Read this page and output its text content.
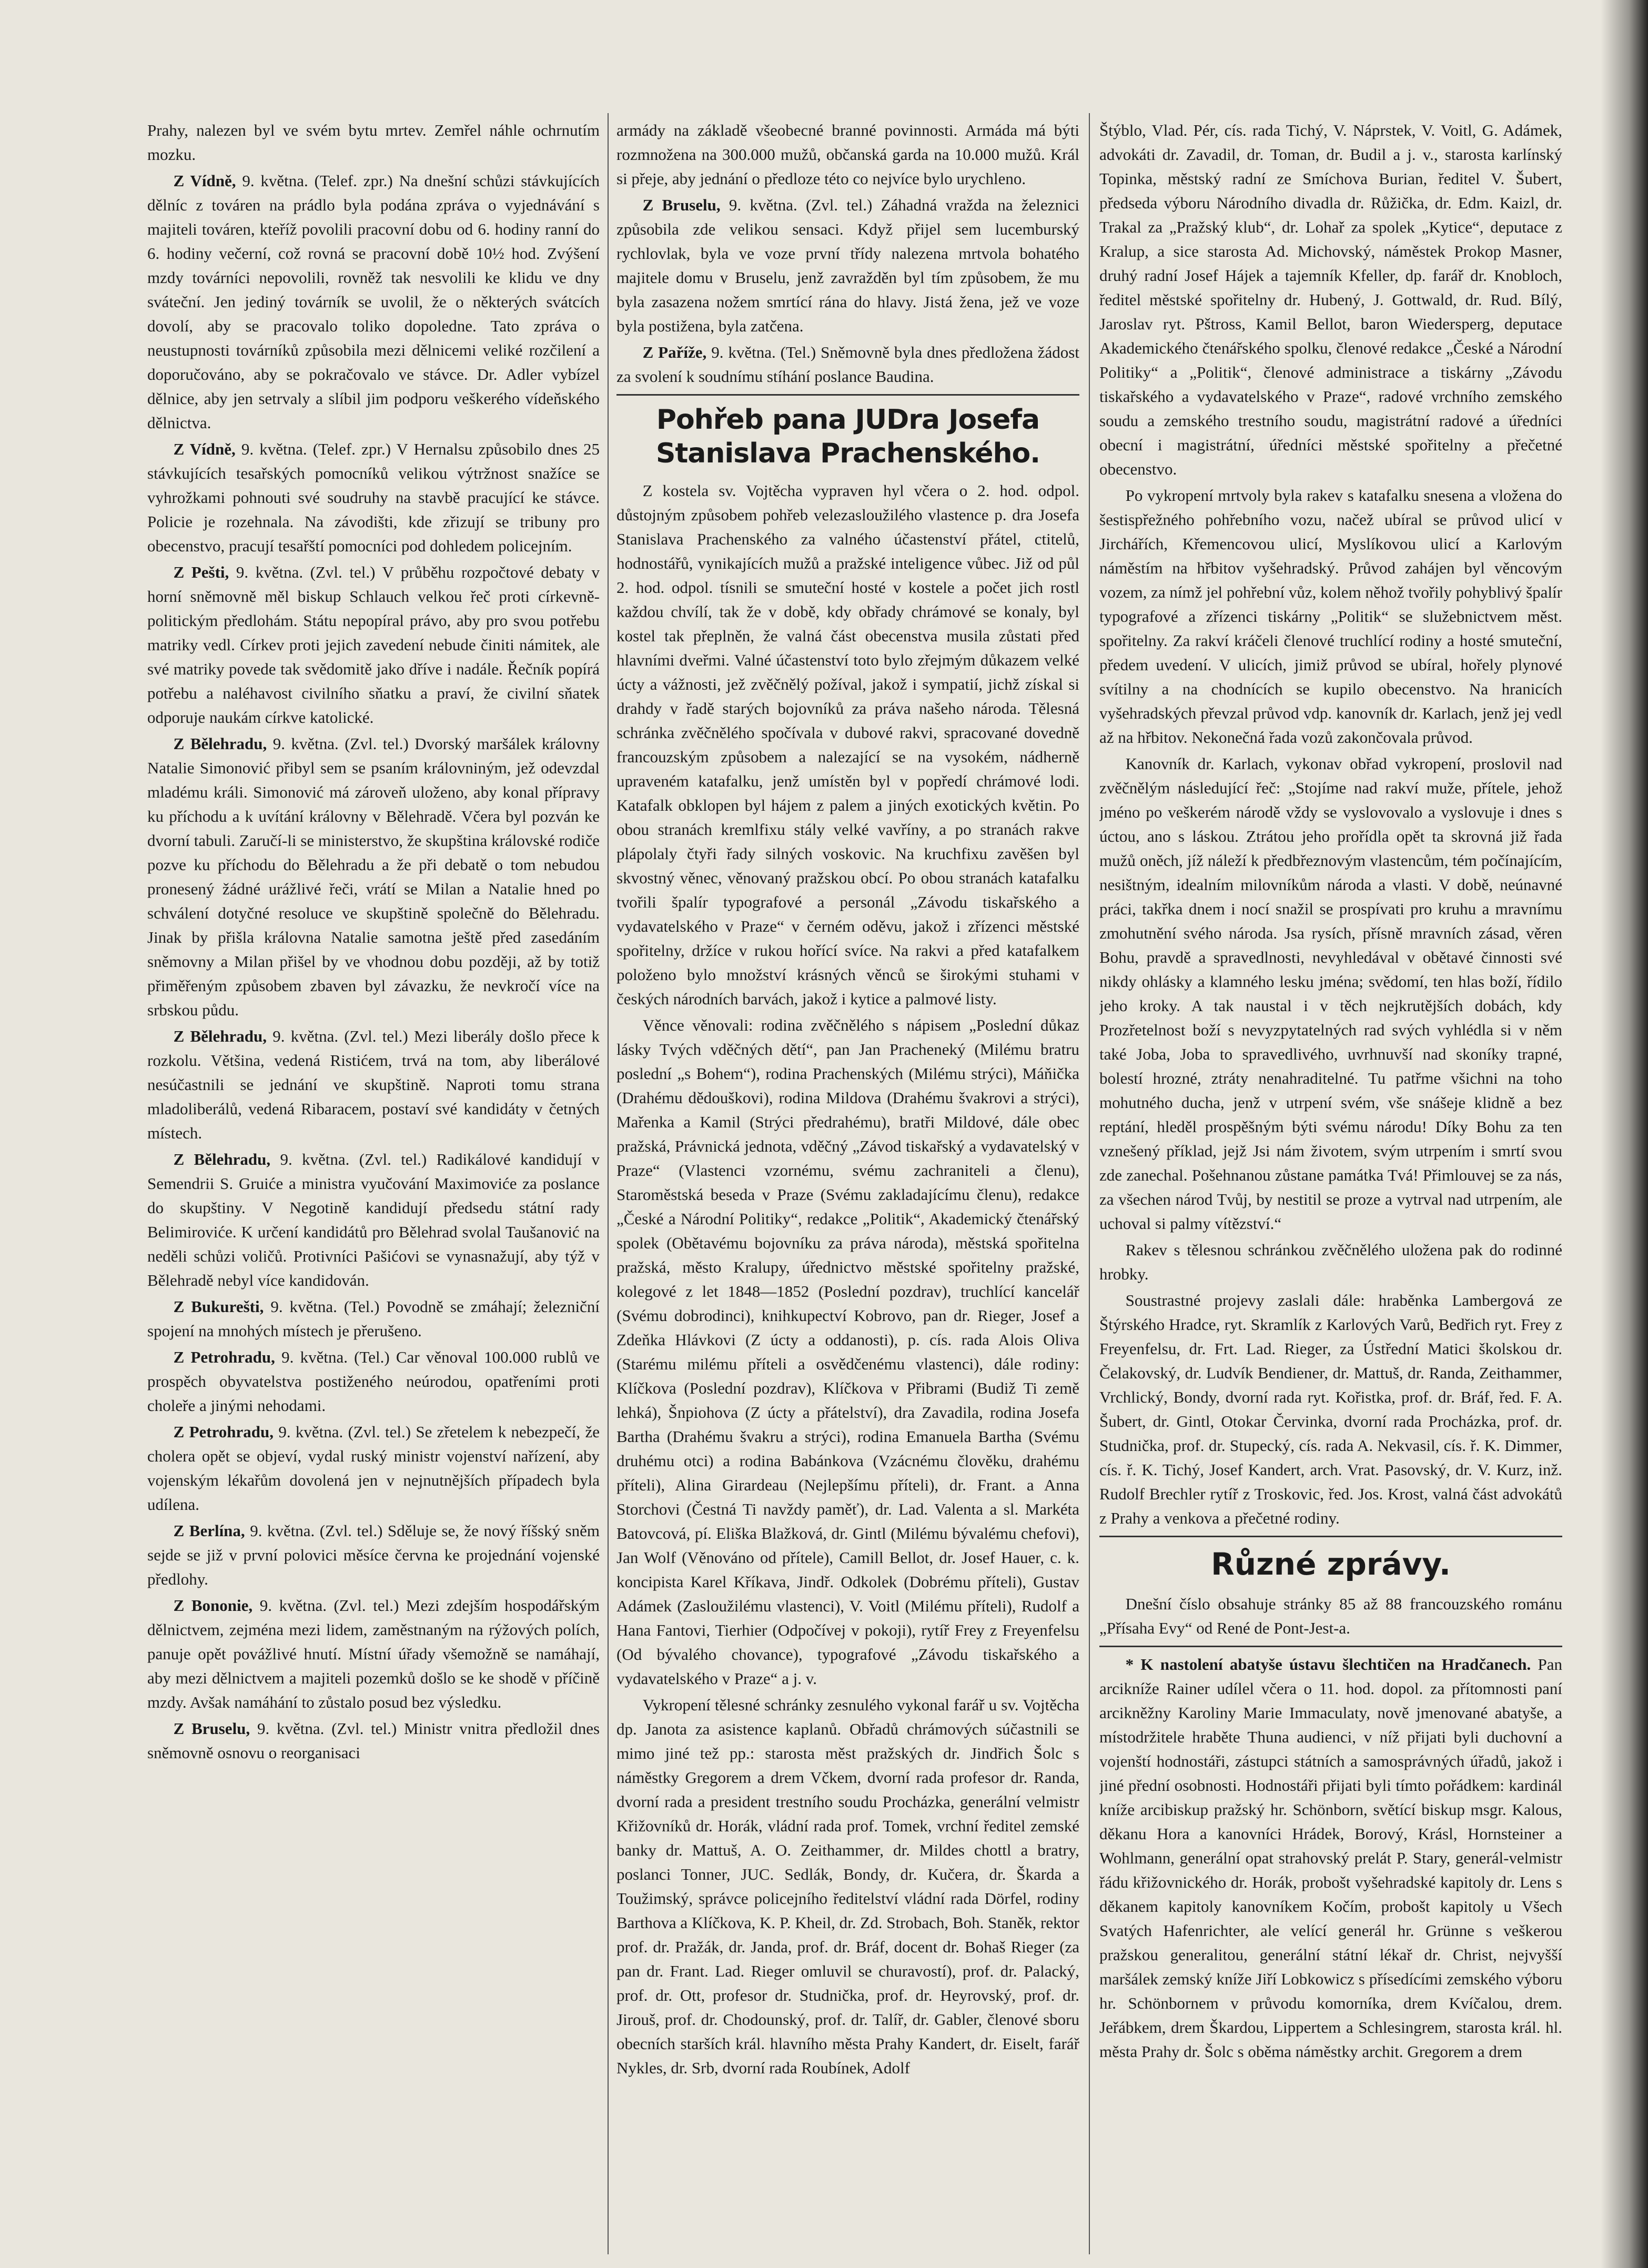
Prahy, nalezen byl ve svém bytu mrtev. Zemřel náhle ochrnutím mozku.

Z Vídně, 9. května. (Telef. zpr.) Na dnešní schůzi stávkujících dělníc z továren na prádlo byla podána zpráva o vyjednávání s majiteli továren, kteříž povolili pracovní dobu od 6. hodiny ranní do 6. hodiny večerní, což rovná se pracovní době 10½ hod. Zvýšení mzdy továrníci nepovolili, rovněž tak nesvolili ke klidu ve dny sváteční. Jen jediný továrník se uvolil, že o některých svátcích dovolí, aby se pracovalo toliko dopoledne. Tato zpráva o neustupnosti továrníků způsobila mezi dělnicemi veliké rozčilení a doporučováno, aby se pokračovalo ve stávce. Dr. Adler vybízel dělnice, aby jen setrvaly a slíbil jim podporu veškerého vídeňského dělnictva.

Z Vídně, 9. května. (Telef. zpr.) V Hernalsu způsobilo dnes 25 stávkujících tesařských pomocníků velikou výtržnost snažíce se vyhrožkami pohnouti své soudruhy na stavbě pracující ke stávce. Policie je rozehnala. Na závodišti, kde zřizují se tribuny pro obecenstvo, pracují tesařští pomocníci pod dohledem policejním.

Z Pešti, 9. května. (Zvl. tel.) V průběhu rozpočtové debaty v horní sněmovně měl biskup Schlauch velkou řeč proti církevně-politickým předlohám. Státu nepopíral právo, aby pro svou potřebu matriky vedl. Církev proti jejich zavedení nebude činiti námitek, ale své matriky povede tak svědomitě jako dříve i nadále. Řečník popírá potřebu a naléhavost civilního sňatku a praví, že civilní sňatek odporuje naukám církve katolické.

Z Bělehradu, 9. května. (Zvl. tel.) Dvorský maršálek královny Natalie Simonović přibyl sem se psaním královniným, jež odevzdal mladému králi. Simonović má zároveň uloženo, aby konal přípravy ku příchodu a k uvítání královny v Bělehradě. Včera byl pozván ke dvorní tabuli. Zaručí-li se ministerstvo, že skupština královské rodiče pozve ku příchodu do Bělehradu a že při debatě o tom nebudou pronesený žádné urážlivé řeči, vrátí se Milan a Natalie hned po schválení dotyčné resoluce ve skupštině společně do Bělehradu. Jinak by přišla královna Natalie samotna ještě před zasedáním sněmovny a Milan přišel by ve vhodnou dobu později, až by totiž přiměřeným způsobem zbaven byl závazku, že nevkročí více na srbskou půdu.

Z Bělehradu, 9. května. (Zvl. tel.) Mezi liberály došlo přece k rozkolu. Většina, vedená Ristićem, trvá na tom, aby liberálové nesúčastnili se jednání ve skupštině. Naproti tomu strana mladoliberálů, vedená Ribaracem, postaví své kandidáty v četných místech.

Z Bělehradu, 9. května. (Zvl. tel.) Radikálové kandidují v Semendrii S. Gruiće a ministra vyučování Maximoviće za poslance do skupštiny. V Negotině kandidují předsedu státní rady Belimiroviće. K určení kandidátů pro Bělehrad svolal Taušanović na neděli schůzi voličů. Protivníci Pašićovi se vynasnažují, aby týž v Bělehradě nebyl více kandidován.

Z Bukurešti, 9. května. (Tel.) Povodně se zmáhají; železniční spojení na mnohých místech je přerušeno.

Z Petrohradu, 9. května. (Tel.) Car věnoval 100.000 rublů ve prospěch obyvatelstva postiženého neúrodou, opatřeními proti choleře a jinými nehodami.

Z Petrohradu, 9. května. (Zvl. tel.) Se zřetelem k nebezpečí, že cholera opět se objeví, vydal ruský ministr vojenství nařízení, aby vojenským lékařům dovolená jen v nejnutnějších případech byla udílena.

Z Berlína, 9. května. (Zvl. tel.) Sděluje se, že nový říšský sněm sejde se již v první polovici měsíce června ke projednání vojenské předlohy.

Z Bononie, 9. května. (Zvl. tel.) Mezi zdejším hospodářským dělnictvem, zejména mezi lidem, zaměstnaným na rýžových polích, panuje opět povážlivé hnutí. Místní úřady všemožně se namáhají, aby mezi dělnictvem a majiteli pozemků došlo se ke shodě v příčině mzdy. Avšak namáhání to zůstalo posud bez výsledku.

Z Bruselu, 9. května. (Zvl. tel.) Ministr vnitra předložil dnes sněmovně osnovu o reorganisaci

armády na základě všeobecné branné povinnosti. Armáda má býti rozmnožena na 300.000 mužů, občanská garda na 10.000 mužů. Král si přeje, aby jednání o předloze této co nejvíce bylo urychleno.

Z Bruselu, 9. května. (Zvl. tel.) Záhadná vražda na železnici způsobila zde velikou sensaci. Když přijel sem lucemburský rychlovlak, byla ve voze první třídy nalezena mrtvola bohatého majitele domu v Bruselu, jenž zavražděn byl tím způsobem, že mu byla zasazena nožem smrtící rána do hlavy. Jistá žena, jež ve voze byla postižena, byla zatčena.

Z Paříže, 9. května. (Tel.) Sněmovně byla dnes předložena žádost za svolení k soudnímu stíhání poslance Baudina.

Pohřeb pana JUDra Josefa Stanislava Prachenského.

Z kostela sv. Vojtěcha vypraven hyl včera o 2. hod. odpol. důstojným způsobem pohřeb velezasloužilého vlastence p. dra Josefa Stanislava Prachenského za valného účastenství přátel, ctitelů, hodnostářů, vynikajících mužů a pražské inteligence vůbec. Již od půl 2. hod. odpol. tísnili se smuteční hosté v kostele a počet jich rostl každou chvílí, tak že v době, kdy obřady chrámové se konaly, byl kostel tak přeplněn, že valná část obecenstva musila zůstati před hlavními dveřmi. Valné účastenství toto bylo zřejmým důkazem velké úcty a vážnosti, jež zvěčnělý požíval, jakož i sympatií, jichž získal si drahdy v řadě starých bojovníků za práva našeho národa. Tělesná schránka zvěčnělého spočívala v dubové rakvi, spracované dovedně francouzským způsobem a nalezající se na vysokém, nádherně upraveném katafalku, jenž umístěn byl v popředí chrámové lodi. Katafalk obklopen byl hájem z palem a jiných exotických květin. Po obou stranách kremlfixu stály velké vavříny, a po stranách rakve plápolaly čtyři řady silných voskovic. Na kruchfixu zavěšen byl skvostný věnec, věnovaný pražskou obcí. Po obou stranách katafalku tvořili špalír typografové a personál „Závodu tiskařského a vydavatelského v Praze“ v černém oděvu, jakož i zřízenci městské spořitelny, držíce v rukou hořící svíce. Na rakvi a před katafalkem položeno bylo množství krásných věnců se širokými stuhami v českých národních barvách, jakož i kytice a palmové listy.

Věnce věnovali: rodina zvěčnělého s nápisem „Poslední důkaz lásky Tvých vděčných dětí“, pan Jan Pracheneký (Milému bratru poslední „s Bohem“), rodina Prachenských (Milému strýci), Máňička (Drahému dědouškovi), rodina Mildova (Drahému švakrovi a strýci), Mařenka a Kamil (Strýci předrahému), bratři Mildové, dále obec pražská, Právnická jednota, vděčný „Závod tiskařský a vydavatelský v Praze“ (Vlastenci vzornému, svému zachraniteli a členu), Staroměstská beseda v Praze (Svému zakladajícímu členu), redakce „České a Národní Politiky“, redakce „Politik“, Akademický čtenářský spolek (Obětavému bojovníku za práva národa), městská spořitelna pražská, město Kralupy, úřednictvo městské spořitelny pražské, kolegové z let 1848—1852 (Poslední pozdrav), truchlící kancelář (Svému dobrodinci), knihkupectví Kobrovo, pan dr. Rieger, Josef a Zdeňka Hlávkovi (Z úcty a oddanosti), p. cís. rada Alois Oliva (Starému milému příteli a osvědčenému vlastenci), dále rodiny: Klíčkova (Poslední pozdrav), Klíčkova v Přibrami (Budiž Ti země lehká), Šnpiohova (Z úcty a přátelství), dra Zavadila, rodina Josefa Bartha (Drahému švakru a strýci), rodina Emanuela Bartha (Svému druhému otci) a rodina Babánkova (Vzácnému člověku, drahému příteli), Alina Girardeau (Nejlepšímu příteli), dr. Frant. a Anna Storchovi (Čestná Ti navždy paměť), dr. Lad. Valenta a sl. Markéta Batovcová, pí. Eliška Blažková, dr. Gintl (Milému bývalému chefovi), Jan Wolf (Věnováno od přítele), Camill Bellot, dr. Josef Hauer, c. k. koncipista Karel Kříkava, Jindř. Odkolek (Dobrému příteli), Gustav Adámek (Zasloužilému vlastenci), V. Voitl (Milému příteli), Rudolf a Hana Fantovi, Tierhier (Odpočívej v pokoji), rytíř Frey z Freyenfelsu (Od bývalého chovance), typografové „Závodu tiskařského a vydavatelského v Praze“ a j. v.

Vykropení tělesné schránky zesnulého vykonal farář u sv. Vojtěcha dp. Janota za asistence kaplanů. Obřadů chrámových súčastnili se mimo jiné tež pp.: starosta měst pražských dr. Jindřich Šolc s náměstky Gregorem a drem Včkem, dvorní rada profesor dr. Randa, dvorní rada a president trestního soudu Procházka, generální velmistr Křižovníků dr. Horák, vládní rada prof. Tomek, vrchní ředitel zemské banky dr. Mattuš, A. O. Zeithammer, dr. Mildes chottl a bratry, poslanci Tonner, JUC. Sedlák, Bondy, dr. Kučera, dr. Škarda a Toužimský, správce policejního ředitelství vládní rada Dörfel, rodiny Barthova a Klíčkova, K. P. Kheil, dr. Zd. Strobach, Boh. Staněk, rektor prof. dr. Pražák, dr. Janda, prof. dr. Bráf, docent dr. Bohaš Rieger (za pan dr. Frant. Lad. Rieger omluvil se churavostí), prof. dr. Palacký, prof. dr. Ott, profesor dr. Studnička, prof. dr. Heyrovský, prof. dr. Jirouš, prof. dr. Chodounský, prof. dr. Talíř, dr. Gabler, členové sboru obecních starších král. hlavního města Prahy Kandert, dr. Eiselt, farář Nykles, dr. Srb, dvorní rada Roubínek, Adolf

Štýblo, Vlad. Pér, cís. rada Tichý, V. Náprstek, V. Voitl, G. Adámek, advokáti dr. Zavadil, dr. Toman, dr. Budil a j. v., starosta karlínský Topinka, městský radní ze Smíchova Burian, ředitel V. Šubert, předseda výboru Národního divadla dr. Růžička, dr. Edm. Kaizl, dr. Trakal za „Pražský klub“, dr. Lohař za spolek „Kytice“, deputace z Kralup, a sice starosta Ad. Michovský, náměstek Prokop Masner, druhý radní Josef Hájek a tajemník Kfeller, dp. farář dr. Knobloch, ředitel městské spořitelny dr. Hubený, J. Gottwald, dr. Rud. Bílý, Jaroslav ryt. Pštross, Kamil Bellot, baron Wiedersperg, deputace Akademického čtenářského spolku, členové redakce „České a Národní Politiky“ a „Politik“, členové administrace a tiskárny „Závodu tiskařského a vydavatelského v Praze“, radové vrchního zemského soudu a zemského trestního soudu, magistrátní radové a úředníci obecní i magistrátní, úředníci městské spořitelny a přečetné obecenstvo.

Po vykropení mrtvoly byla rakev s katafalku snesena a vložena do šestispřežného pohřebního vozu, načež ubíral se průvod ulicí v Jirchářích, Křemencovou ulicí, Myslíkovou ulicí a Karlovým náměstím na hřbitov vyšehradský. Průvod zahájen byl věncovým vozem, za nímž jel pohřební vůz, kolem něhož tvořily pohyblivý špalír typografové a zřízenci tiskárny „Politik“ se služebnictvem měst. spořitelny. Za rakví kráčeli členové truchlící rodiny a hosté smuteční, předem uvedení. V ulicích, jimiž průvod se ubíral, hořely plynové svítilny a na chodnících se kupilo obecenstvo. Na hranicích vyšehradských převzal průvod vdp. kanovník dr. Karlach, jenž jej vedl až na hřbitov. Nekonečná řada vozů zakončovala průvod.

Kanovník dr. Karlach, vykonav obřad vykropení, proslovil nad zvěčnělým následující řeč: „Stojíme nad rakví muže, přítele, jehož jméno po veškerém národě vždy se vyslovovalo a vyslovuje i dnes s úctou, ano s láskou. Ztrátou jeho prořídla opět ta skrovná již řada mužů oněch, jíž náleží k předbřeznovým vlastencům, tém počínajícím, nesištným, idealním milovníkům národa a vlasti. V době, neúnavné práci, takřka dnem i nocí snažil se prospívati pro kruhu a mravnímu zmohutnění svého národa. Jsa rysích, přísně mravních zásad, věren Bohu, pravdě a spravedlnosti, nevyhledával v obětavé činnosti své nikdy ohlásky a klamného lesku jména; svědomí, ten hlas boží, řídilo jeho kroky. A tak naustal i v těch nejkrutějších dobách, kdy Prozřetelnost boží s nevyzpytatelných rad svých vyhlédla si v něm také Joba, Joba to spravedlivého, uvrhnuvší nad skoníky trapné, bolestí hrozné, ztráty nenahraditelné. Tu patřme všichni na toho mohutného ducha, jenž v utrpení svém, vše snášeje klidně a bez reptání, hleděl prospěšným býti svému národu! Díky Bohu za ten vznešený příklad, jejž Jsi nám životem, svým utrpením i smrtí svou zde zanechal. Pošehnanou zůstane památka Tvá! Přimlouvej se za nás, za všechen národ Tvůj, by nestitil se proze a vytrval nad utrpením, ale uchoval si palmy vítězství.“

Rakev s tělesnou schránkou zvěčnělého uložena pak do rodinné hrobky.

Soustrastné projevy zaslali dále: hraběnka Lambergová ze Štýrského Hradce, ryt. Skramlík z Karlových Varů, Bedřich ryt. Frey z Freyenfelsu, dr. Frt. Lad. Rieger, za Ústřední Matici školskou dr. Čelakovský, dr. Ludvík Bendiener, dr. Mattuš, dr. Randa, Zeithammer, Vrchlický, Bondy, dvorní rada ryt. Kořistka, prof. dr. Bráf, řed. F. A. Šubert, dr. Gintl, Otokar Červinka, dvorní rada Procházka, prof. dr. Studnička, prof. dr. Stupecký, cís. rada A. Nekvasil, cís. ř. K. Dimmer, cís. ř. K. Tichý, Josef Kandert, arch. Vrat. Pasovský, dr. V. Kurz, inž. Rudolf Brechler rytíř z Troskovic, řed. Jos. Krost, valná část advokátů z Prahy a venkova a přečetné rodiny.

Různé zprávy.

Dnešní číslo obsahuje stránky 85 až 88 francouzského románu „Přísaha Evy“ od René de Pont-Jest-a.

* K nastolení abatyše ústavu šlechtičen na Hradčanech. Pan arcikníže Rainer udílel včera o 11. hod. dopol. za přítomnosti paní arcikněžny Karoliny Marie Immaculaty, nově jmenované abatyše, a místodržitele hraběte Thuna audienci, v níž přijati byli duchovní a vojenští hodnostáři, zástupci státních a samosprávných úřadů, jakož i jiné přední osobnosti. Hodnostáři přijati byli tímto pořádkem: kardinál kníže arcibiskup pražský hr. Schönborn, světící biskup msgr. Kalous, děkanu Hora a kanovníci Hrádek, Borový, Krásl, Hornsteiner a Wohlmann, generální opat strahovský prelát P. Stary, generál-velmistr řádu křižovnického dr. Horák, probošt vyšehradské kapitoly dr. Lens s děkanem kapitoly kanovníkem Kočím, probošt kapitoly u Všech Svatých Hafenrichter, ale velící generál hr. Grünne s veškerou pražskou generalitou, generální státní lékař dr. Christ, nejvyšší maršálek zemský kníže Jiří Lobkowicz s přísedícími zemského výboru hr. Schönbornem v průvodu komorníka, drem Kvíčalou, drem. Jeřábkem, drem Škardou, Lippertem a Schlesingrem, starosta král. hl. města Prahy dr. Šolc s oběma náměstky archit. Gregorem a drem
